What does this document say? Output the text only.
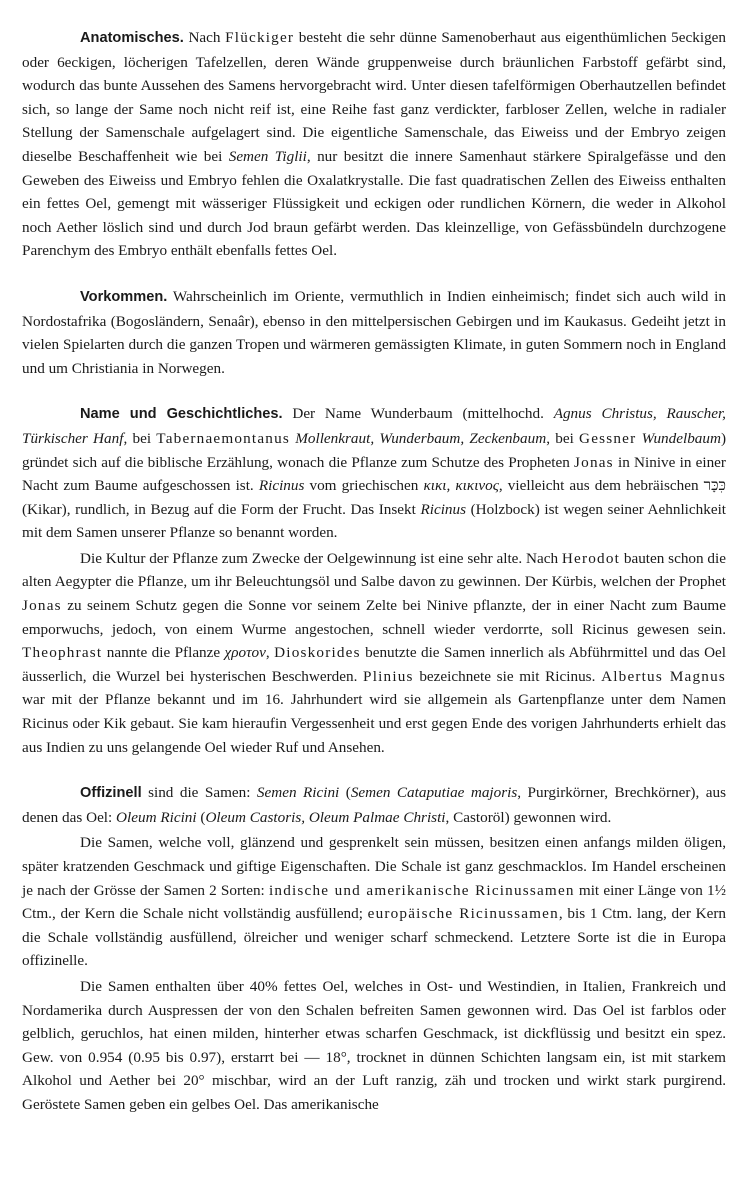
Anatomisches. Nach Flückiger besteht die sehr dünne Samenoberhaut aus eigenthümlichen 5eckigen oder 6eckigen, löcherigen Tafelzellen, deren Wände gruppenweise durch bräunlichen Farbstoff gefärbt sind, wodurch das bunte Aussehen des Samens hervorgebracht wird. Unter diesen tafelförmigen Oberhautzellen befindet sich, so lange der Same noch nicht reif ist, eine Reihe fast ganz verdickter, farbloser Zellen, welche in radialer Stellung der Samenschale aufgelagert sind. Die eigentliche Samenschale, das Eiweiss und der Embryo zeigen dieselbe Beschaffenheit wie bei Semen Tiglii, nur besitzt die innere Samenhaut stärkere Spiralgefässe und den Geweben des Eiweiss und Embryo fehlen die Oxalatkrystalle. Die fast quadratischen Zellen des Eiweiss enthalten ein fettes Oel, gemengt mit wässeriger Flüssigkeit und eckigen oder rundlichen Körnern, die weder in Alkohol noch Aether löslich sind und durch Jod braun gefärbt werden. Das kleinzellige, von Gefässbündeln durchzogene Parenchym des Embryo enthält ebenfalls fettes Oel.

Vorkommen. Wahrscheinlich im Oriente, vermuthlich in Indien einheimisch; findet sich auch wild in Nordostafrika (Bogosländern, Senaâr), ebenso in den mittelpersischen Gebirgen und im Kaukasus. Gedeiht jetzt in vielen Spielarten durch die ganzen Tropen und wärmeren gemässigten Klimate, in guten Sommern noch in England und um Christiania in Norwegen.

Name und Geschichtliches. Der Name Wunderbaum (mittelhochd. Agnus Christus, Rauscher, Türkischer Hanf, bei Tabernaemontanus Mollenkraut, Wunderbaum, Zeckenbaum, bei Gessner Wundelbaum) gründet sich auf die biblische Erzählung, wonach die Pflanze zum Schutze des Propheten Jonas in Ninive in einer Nacht zum Baume aufgeschossen ist. Ricinus vom griechischen κικι, κικινος, vielleicht aus dem hebräischen כִּכָּר (Kikar), rundlich, in Bezug auf die Form der Frucht. Das Insekt Ricinus (Holzbock) ist wegen seiner Aehnlichkeit mit dem Samen unserer Pflanze so benannt worden.

Die Kultur der Pflanze zum Zwecke der Oelgewinnung ist eine sehr alte. Nach Herodot bauten schon die alten Aegypter die Pflanze, um ihr Beleuchtungsöl und Salbe davon zu gewinnen. Der Kürbis, welchen der Prophet Jonas zu seinem Schutz gegen die Sonne vor seinem Zelte bei Ninive pflanzte, der in einer Nacht zum Baume emporwuchs, jedoch, von einem Wurme angestochen, schnell wieder verdorrte, soll Ricinus gewesen sein. Theophrast nannte die Pflanze χροτον, Dioskorides benutzte die Samen innerlich als Abführmittel und das Oel äusserlich, die Wurzel bei hysterischen Beschwerden. Plinius bezeichnete sie mit Ricinus. Albertus Magnus war mit der Pflanze bekannt und im 16. Jahrhundert wird sie allgemein als Gartenpflanze unter dem Namen Ricinus oder Kik gebaut. Sie kam hieraufin Vergessenheit und erst gegen Ende des vorigen Jahrhunderts erhielt das aus Indien zu uns gelangende Oel wieder Ruf und Ansehen.

Offizinell sind die Samen: Semen Ricini (Semen Cataputiae majoris, Purgirkörner, Brechkörner), aus denen das Oel: Oleum Ricini (Oleum Castoris, Oleum Palmae Christi, Castoröl) gewonnen wird.

Die Samen, welche voll, glänzend und gesprenkelt sein müssen, besitzen einen anfangs milden öligen, später kratzenden Geschmack und giftige Eigenschaften. Die Schale ist ganz geschmacklos. Im Handel erscheinen je nach der Grösse der Samen 2 Sorten: indische und amerikanische Ricinussamen mit einer Länge von 1½ Ctm., der Kern die Schale nicht vollständig ausfüllend; europäische Ricinussamen, bis 1 Ctm. lang, der Kern die Schale vollständig ausfüllend, ölreicher und weniger scharf schmeckend. Letztere Sorte ist die in Europa offizinelle.

Die Samen enthalten über 40% fettes Oel, welches in Ost- und Westindien, in Italien, Frankreich und Nordamerika durch Auspressen der von den Schalen befreiten Samen gewonnen wird. Das Oel ist farblos oder gelblich, geruchlos, hat einen milden, hinterher etwas scharfen Geschmack, ist dickflüssig und besitzt ein spez. Gew. von 0.954 (0.95 bis 0.97), erstarrt bei — 18°, trocknet in dünnen Schichten langsam ein, ist mit starkem Alkohol und Aether bei 20° mischbar, wird an der Luft ranzig, zäh und trocken und wirkt stark purgirend. Geröstete Samen geben ein gelbes Oel. Das amerikanische
